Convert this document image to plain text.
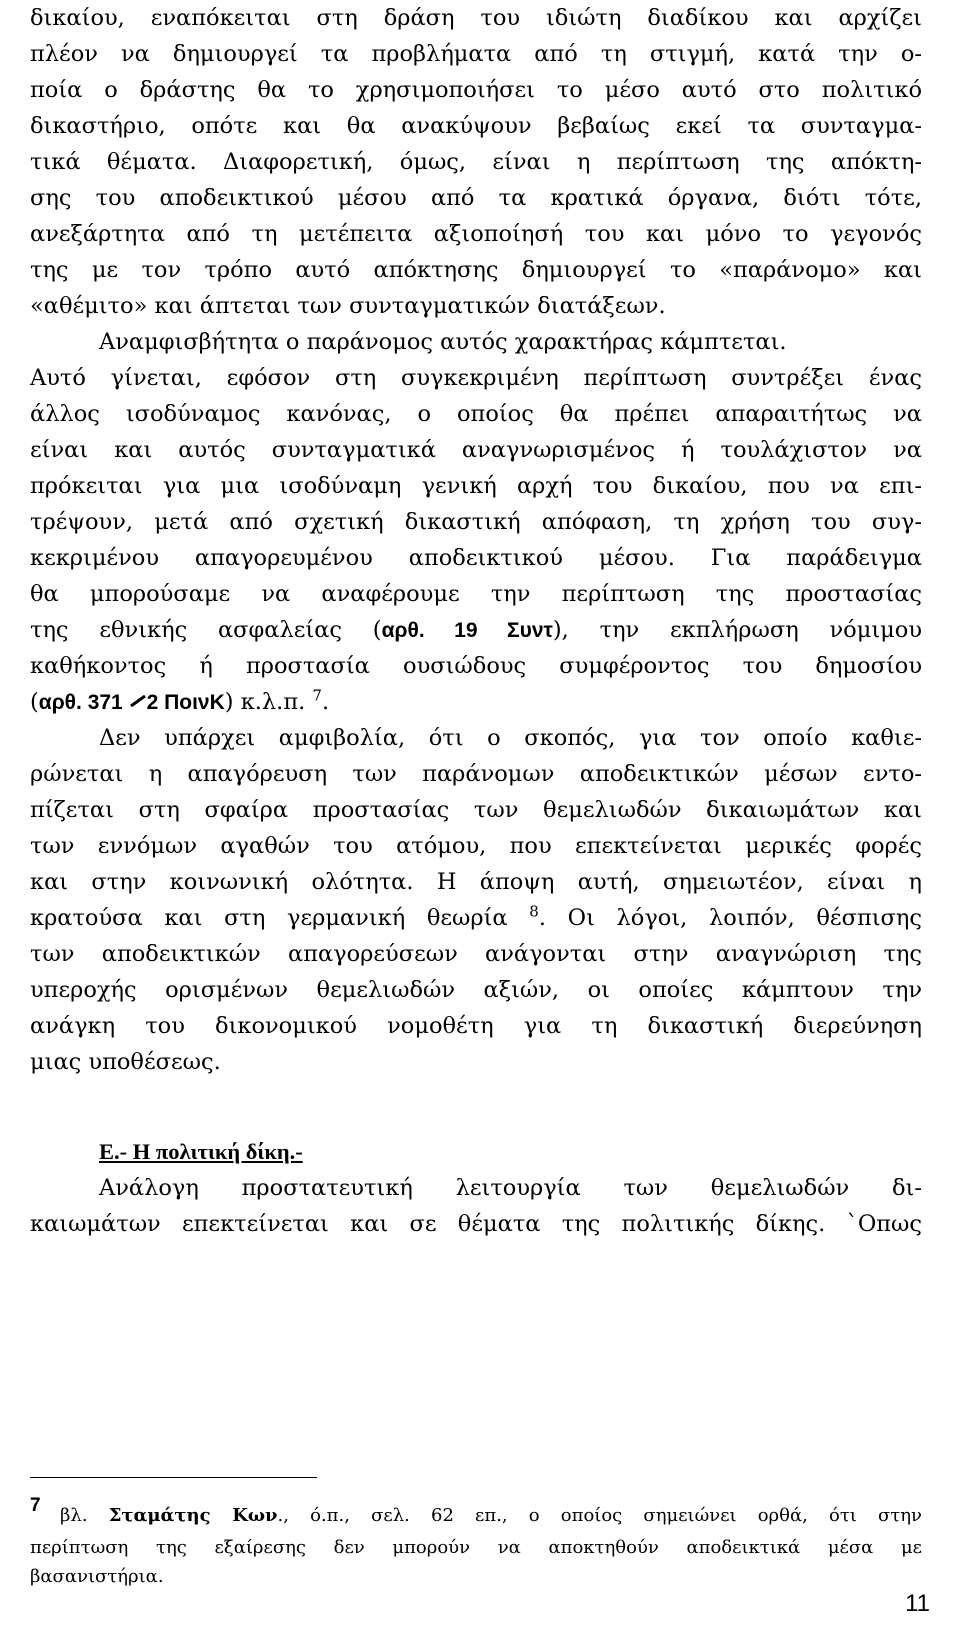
δικαίου, εναπόκειται στη δράση του ιδιώτη διαδίκου και αρχίζει
πλέον να δημιουργεί τα προβλήματα από τη στιγμή, κατά την ο-
ποία ο δράστης θα το χρησιμοποιήσει το μέσο αυτό στο πολιτικό
δικαστήριο, οπότε και θα ανακύψουν βεβαίως εκεί τα συνταγμα-
τικά θέματα. Διαφορετική, όμως, είναι η περίπτωση της απόκτη-
σης του αποδεικτικού μέσου από τα κρατικά όργανα, διότι τότε,
ανεξάρτητα από τη μετέπειτα αξιοποίησή του και μόνο το γεγονός
της με τον τρόπο αυτό απόκτησης δημιουργεί το «παράνομο» και
«αθέμιτο» και άπτεται των συνταγματικών διατάξεων.
Αναμφισβήτητα ο παράνομος αυτός χαρακτήρας κάμπτεται.
Αυτό γίνεται, εφόσον στη συγκεκριμένη περίπτωση συντρέξει ένας
άλλος ισοδύναμος κανόνας, ο οποίος θα πρέπει απαραιτήτως να
είναι και αυτός συνταγματικά αναγνωρισμένος ή τουλάχιστον να
πρόκειται για μια ισοδύναμη γενική αρχή του δικαίου, που να επι-
τρέψουν, μετά από σχετική δικαστική απόφαση, τη χρήση του συγ-
κεκριμένου απαγορευμένου αποδεικτικού μέσου. Για παράδειγμα
θα μπορούσαμε να αναφέρουμε την περίπτωση της προστασίας
της εθνικής ασφαλείας (αρθ. 19 Συντ), την εκπλήρωση νόμιμου
καθήκοντος ή προστασία ουσιώδους συμφέροντος του δημοσίου
(αρθ. 371 2 ΠοινΚ) κ.λ.π. $^7$.
Δεν υπάρχει αμφιβολία, ότι ο σκοπός, για τον οποίο καθιε-
ρώνεται η απαγόρευση των παράνομων αποδεικτικών μέσων εντο-
πίζεται στη σφαίρα προστασίας των θεμελιωδών δικαιωμάτων και
των εννόμων αγαθών του ατόμου, που επεκτείνεται μερικές φορές
και στην κοινωνική ολότητα. Η άποψη αυτή, σημειωτέον, είναι η
κρατούσα και στη γερμανική θεωρία $^8$. Οι λόγοι, λοιπόν, θέσπισης
των αποδεικτικών απαγορεύσεων ανάγονται στην αναγνώριση της
υπεροχής ορισμένων θεμελιωδών αξιών, οι οποίες κάμπτουν την
ανάγκη του δικονομικού νομοθέτη για τη δικαστική διερεύνηση
μιας υποθέσεως.
Ε.- Η πολιτική δίκη.-
Ανάλογη προστατευτική λειτουργία των θεμελιωδών δι-
καιωμάτων επεκτείνεται και σε θέματα της πολιτικής δίκης. `Οπως
7 βλ. Σταμάτης Κων., ό.π., σελ. 62 επ., ο οποίος σημειώνει ορθά, ότι στην
περίπτωση της εξαίρεσης δεν μπορούν να αποκτηθούν αποδεικτικά μέσα με
βασανιστήρια.
11
